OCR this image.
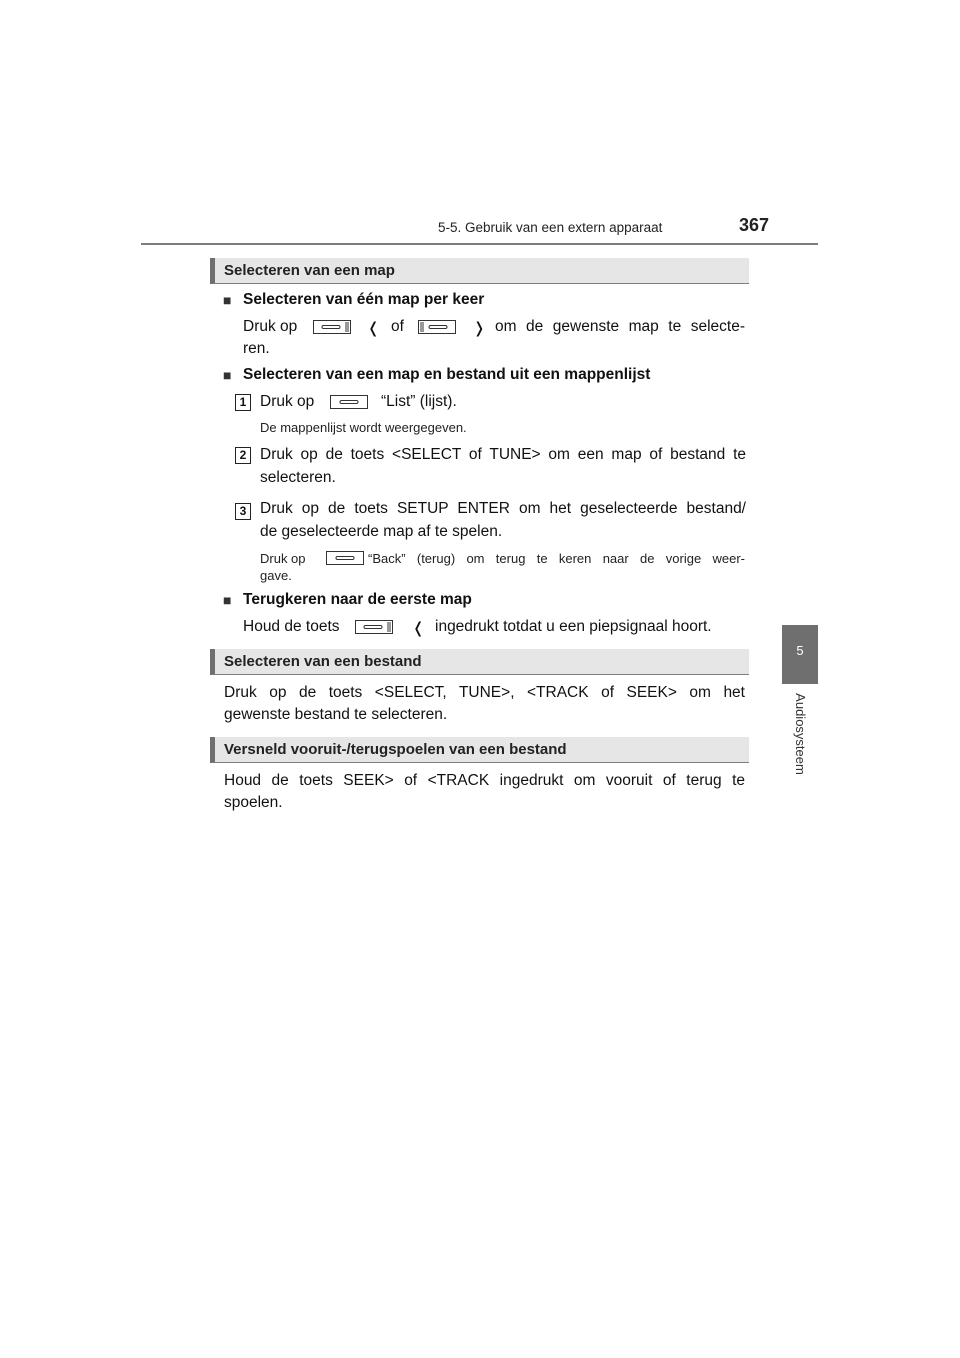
5-5. Gebruik van een extern apparaat	367
5
Audiosysteem
Selecteren van een map
■ Selecteren van één map per keer
Druk op	❬ of	❭ om de gewenste map te selecte-
ren.
■ Selecteren van een map en bestand uit een mappenlijst
1 Druk op	“List” (lijst).
De mappenlijst wordt weergegeven.
2 Druk op de toets <SELECT of TUNE> om een map of bestand te
selecteren.
3 Druk op de toets SETUP ENTER om het geselecteerde bestand/
de geselecteerde map af te spelen.
Druk op	“Back” (terug) om terug te keren naar de vorige weer-
gave.
■ Terugkeren naar de eerste map
Houd de toets	❬ ingedrukt totdat u een piepsignaal hoort.
Selecteren van een bestand
Druk op de toets <SELECT, TUNE>, <TRACK of SEEK> om het
gewenste bestand te selecteren.
Versneld vooruit-/terugspoelen van een bestand
Houd de toets SEEK> of <TRACK ingedrukt om vooruit of terug te
spoelen.
